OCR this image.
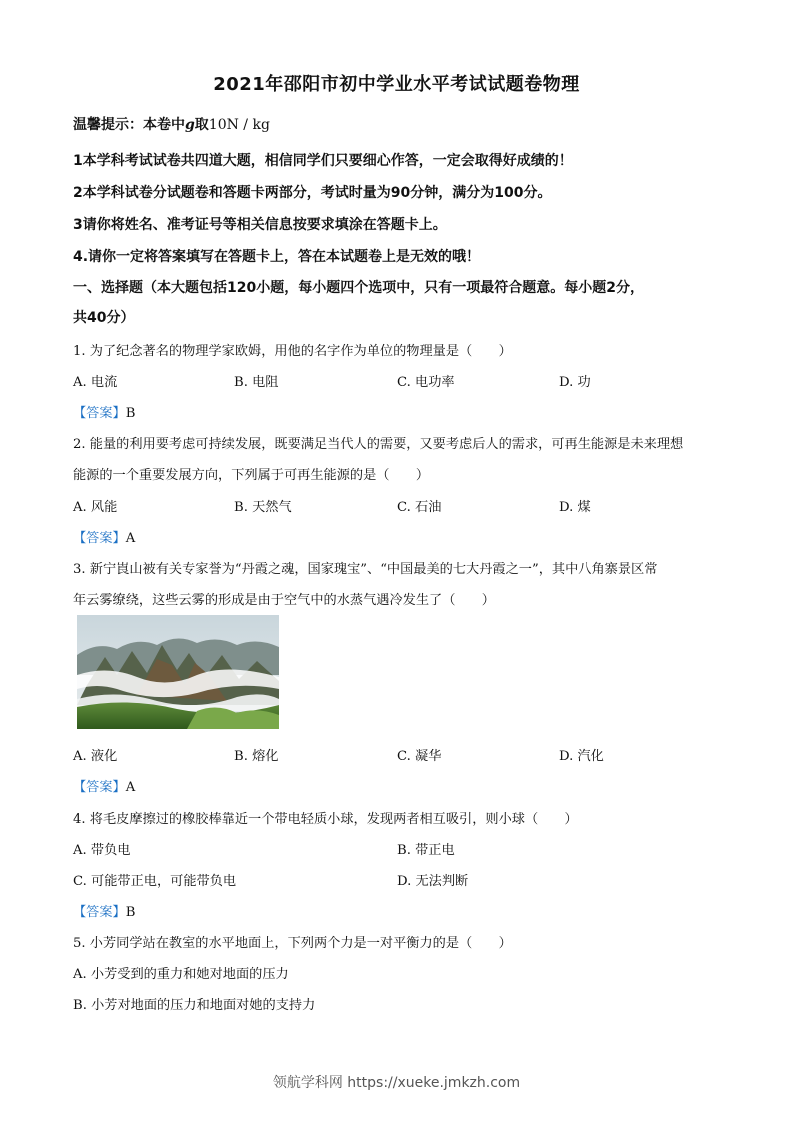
2021年邵阳市初中学业水平考试试题卷物理
温馨提示：本卷中g取10N / kg
1本学科考试试卷共四道大题，相信同学们只要细心作答，一定会取得好成绩的！
2本学科试卷分试题卷和答题卡两部分，考试时量为90分钟，满分为100分。
3请你将姓名、准考证号等相关信息按要求填涂在答题卡上。
4.请你一定将答案填写在答题卡上，答在本试题卷上是无效的哦！
一、选择题（本大题包括120小题，每小题四个选项中，只有一项最符合题意。每小题2分，
共40分）
1. 为了纪念著名的物理学家欧姆，用他的名字作为单位的物理量是（　　）
A. 电流	B. 电阻	C. 电功率	D. 功
【答案】B
2. 能量的利用要考虑可持续发展，既要满足当代人的需要，又要考虑后人的需求，可再生能源是未来理想
能源的一个重要发展方向，下列属于可再生能源的是（　　）
A. 风能	B. 天然气	C. 石油	D. 煤
【答案】A
3. 新宁崀山被有关专家誉为“丹霞之魂，国家瑰宝”、“中国最美的七大丹霞之一”，其中八角寨景区常
年云雾缭绕，这些云雾的形成是由于空气中的水蒸气遇冷发生了（　　）
A. 液化	B. 熔化	C. 凝华	D. 汽化
【答案】A
4. 将毛皮摩擦过的橡胶棒靠近一个带电轻质小球，发现两者相互吸引，则小球（　　）
A. 带负电	B. 带正电
C. 可能带正电，可能带负电	D. 无法判断
【答案】B
5. 小芳同学站在教室的水平地面上，下列两个力是一对平衡力的是（　　）
A. 小芳受到的重力和她对地面的压力
B. 小芳对地面的压力和地面对她的支持力
领航学科网 https://xueke.jmkzh.com
